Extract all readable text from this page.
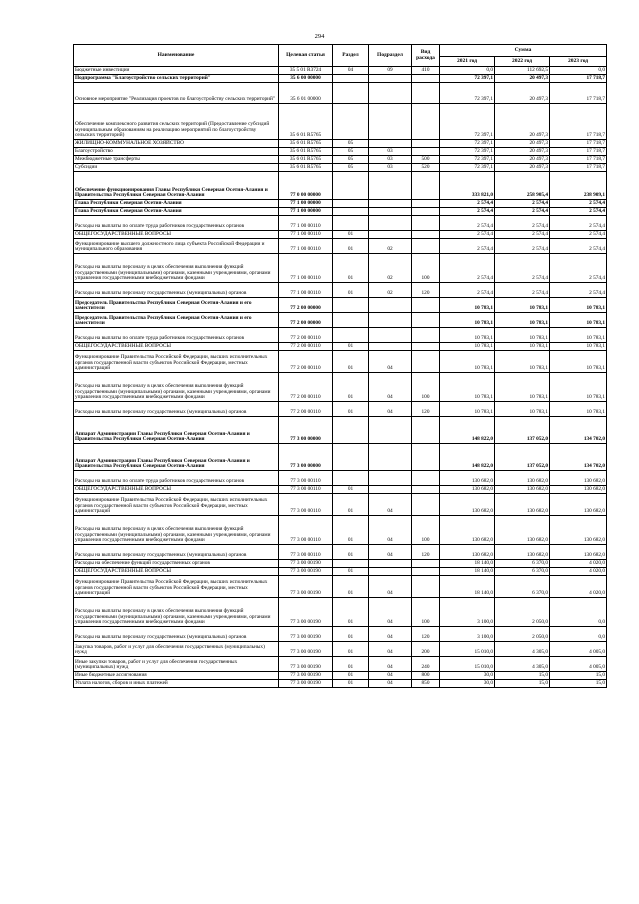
294
Наименование	Целевая статья	Раздел	Подраздел	Вид расхода	Сумма		
					2021 год	2022 год	2023 год
Бюджетные инвестиции	35 5 01 R3724	04	09	410	0,0	112 692,5	0,0
Подпрограмма "Благоустройство сельских территорий"	35 6 00 00000				72 397,1	20 497,3	17 718,7
Основное мероприятие "Реализация проектов по благоустройству сельских территорий"	35 6 01 00000				72 397,1	20 497,3	17 718,7
Обеспечение комплексного развития сельских территорий (Предоставление субсидий муниципальным образованиям на реализацию мероприятий по благоустройству сельских территорий)	35 6 01 R5765				72 397,1	20 497,3	17 718,7
ЖИЛИЩНО-КОММУНАЛЬНОЕ ХОЗЯЙСТВО	35 6 01 R5765	05			72 397,1	20 497,3	17 718,7
Благоустройство	35 6 01 R5765	05	03		72 397,1	20 497,3	17 718,7
Межбюджетные трансферты	35 6 01 R5765	05	03	500	72 397,1	20 497,3	17 718,7
Субсидии	35 6 01 R5765	05	03	520	72 397,1	20 497,3	17 718,7
Обеспечение функционирования Главы Республики Северная Осетия-Алания и Правительства Республики Северная Осетия-Алания	77 0 00 00000				333 821,0	258 905,4	238 909,1
Глава Республики Северная Осетия-Алания	77 1 00 00000				2 574,4	2 574,4	2 574,4
Глава Республики Северная Осетия-Алания	77 1 00 00000				2 574,4	2 574,4	2 574,4
Расходы на выплаты по оплате труда работников государственных органов	77 1 00 00110				2 574,4	2 574,4	2 574,4
ОБЩЕГОСУДАРСТВЕННЫЕ ВОПРОСЫ	77 1 00 00110	01			2 574,4	2 574,4	2 574,4
Функционирование высшего должностного лица субъекта Российской Федерации и муниципального образования	77 1 00 00110	01	02		2 574,4	2 574,4	2 574,4
Расходы на выплаты персоналу в целях обеспечения выполнения функций государственными (муниципальными) органами, казенными учреждениями, органами управления государственными внебюджетными фондами	77 1 00 00110	01	02	100	2 574,4	2 574,4	2 574,4
Расходы на выплаты персоналу государственных (муниципальных) органов	77 1 00 00110	01	02	120	2 574,4	2 574,4	2 574,4
Председатель Правительства Республики Северная Осетия-Алания и его заместители	77 2 00 00000				10 783,1	10 783,1	10 783,1
Председатель Правительства Республики Северная Осетия-Алания и его заместители	77 2 00 00000				10 783,1	10 783,1	10 783,1
Расходы на выплаты по оплате труда работников государственных органов	77 2 00 00110				10 783,1	10 783,1	10 783,1
ОБЩЕГОСУДАРСТВЕННЫЕ ВОПРОСЫ	77 2 00 00110	01			10 783,1	10 783,1	10 783,1
Функционирование Правительства Российской Федерации, высших исполнительных органов государственной власти субъектов Российской Федерации, местных администраций	77 2 00 00110	01	04		10 783,1	10 783,1	10 783,1
Расходы на выплаты персоналу в целях обеспечения выполнения функций государственными (муниципальными) органами, казенными учреждениями, органами управления государственными внебюджетными фондами	77 2 00 00110	01	04	100	10 783,1	10 783,1	10 783,1
Расходы на выплаты персоналу государственных (муниципальных) органов	77 2 00 00110	01	04	120	10 783,1	10 783,1	10 783,1
Аппарат Администрации Главы Республики Северная Осетия-Алания и Правительства Республики Северная Осетия-Алания	77 3 00 00000				148 822,0	137 052,0	134 702,0
Аппарат Администрации Главы Республики Северная Осетия-Алания и Правительства Республики Северная Осетия-Алания	77 3 00 00000				148 822,0	137 052,0	134 702,0
Расходы на выплаты по оплате труда работников государственных органов	77 3 00 00110				130 682,0	130 682,0	130 682,0
ОБЩЕГОСУДАРСТВЕННЫЕ ВОПРОСЫ	77 3 00 00110	01			130 682,0	130 682,0	130 682,0
Функционирование Правительства Российской Федерации, высших исполнительных органов государственной власти субъектов Российской Федерации, местных администраций	77 3 00 00110	01	04		130 682,0	130 682,0	130 682,0
Расходы на выплаты персоналу в целях обеспечения выполнения функций государственными (муниципальными) органами, казенными учреждениями, органами управления государственными внебюджетными фондами	77 3 00 00110	01	04	100	130 682,0	130 682,0	130 682,0
Расходы на выплаты персоналу государственных (муниципальных) органов	77 3 00 00110	01	04	120	130 682,0	130 682,0	130 682,0
Расходы на обеспечение функций государственных органов	77 3 00 00190				18 140,0	6 370,0	4 020,0
ОБЩЕГОСУДАРСТВЕННЫЕ ВОПРОСЫ	77 3 00 00190	01			18 140,0	6 370,0	4 020,0
Функционирование Правительства Российской Федерации, высших исполнительных органов государственной власти субъектов Российской Федерации, местных администраций	77 3 00 00190	01	04		18 140,0	6 370,0	4 020,0
Расходы на выплаты персоналу в целях обеспечения выполнения функций государственными (муниципальными) органами, казенными учреждениями, органами управления государственными внебюджетными фондами	77 3 00 00190	01	04	100	3 100,0	2 050,0	0,0
Расходы на выплаты персоналу государственных (муниципальных) органов	77 3 00 00190	01	04	120	3 100,0	2 050,0	0,0
Закупка товаров, работ и услуг для обеспечения государственных (муниципальных) нужд	77 3 00 00190	01	04	200	15 010,0	4 305,0	4 005,0
Иные закупки товаров, работ и услуг для обеспечения государственных (муниципальных) нужд	77 3 00 00190	01	04	240	15 010,0	4 305,0	4 005,0
Иные бюджетные ассигнования	77 3 00 00190	01	04	800	30,0	15,0	15,0
Уплата налогов, сборов и иных платежей	77 3 00 00190	01	04	850	30,0	15,0	15,0
